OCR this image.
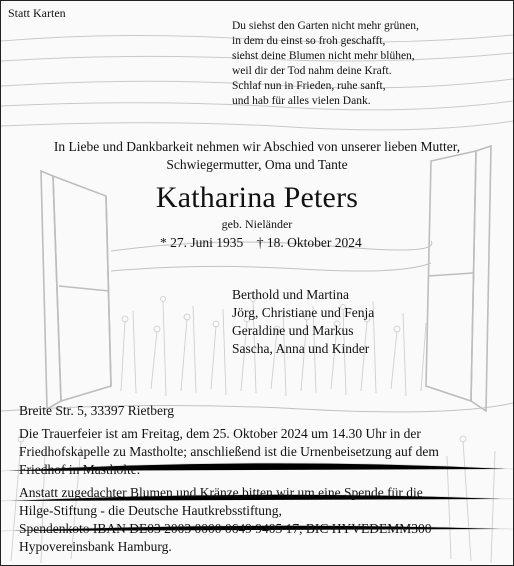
Statt Karten
Du siehst den Garten nicht mehr grünen,
in dem du einst so froh geschafft,
siehst deine Blumen nicht mehr blühen,
weil dir der Tod nahm deine Kraft.
Schlaf nun in Frieden, ruhe sanft,
und hab für alles vielen Dank.
In Liebe und Dankbarkeit nehmen wir Abschied von unserer lieben Mutter,
Schwiegermutter, Oma und Tante
Katharina Peters
geb. Nieländer
* 27. Juni 1935    † 18. Oktober 2024
Berthold und Martina
Jörg, Christiane und Fenja
Geraldine und Markus
Sascha, Anna und Kinder
Breite Str. 5, 33397 Rietberg
Die Trauerfeier ist am Freitag, dem 25. Oktober 2024 um 14.30 Uhr in der
Friedhofskapelle zu Mastholte; anschließend ist die Urnenbeisetzung auf dem
Friedhof in Mastholte.
Anstatt zugedachter Blumen und Kränze bitten wir um eine Spende für die
Hilge-Stiftung - die Deutsche Hautkrebsstiftung,
Spendenkoto IBAN DE03 2003 0000 0649 9405 17, BIC HYVEDEMM300
Hypovereinsbank Hamburg.
